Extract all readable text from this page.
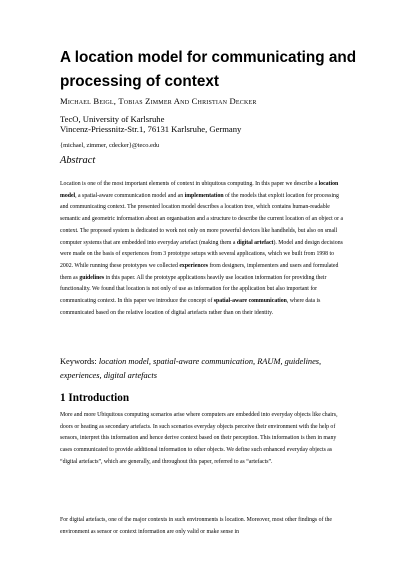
A location model for communicating and processing of context
Michael Beigl, Tobias Zimmer And Christian Decker
TecO, University of Karlsruhe
Vincenz-Priessnitz-Str.1, 76131 Karlsruhe, Germany
{michael, zimmer, cdecker}@teco.edu
Abstract

Location is one of the most important elements of context in ubiquitous computing. In this paper we describe a location model, a spatial-aware communication model and an implementation of the models that exploit location for processing and communicating context. The presented location model describes a location tree, which contains human-readable semantic and geometric information about an organisation and a structure to describe the current location of an object or a context. The proposed system is dedicated to work not only on more powerful devices like handhelds, but also on small computer systems that are embedded into everyday artefact (making them a digital artefact). Model and design decisions were made on the basis of experiences from 3 prototype setups with several applications, which we built from 1998 to 2002. While running these prototypes we collected experiences from designers, implementers and users and formulated them as guidelines in this paper. All the prototype applications heavily use location information for providing their functionality. We found that location is not only of use as information for the application but also important for communicating context. In this paper we introduce the concept of spatial-aware communication, where data is communicated based on the relative location of digital artefacts rather than on their identity.

Keywords: location model, spatial-aware communication, RAUM, guidelines, experiences, digital artefacts
1 Introduction

More and more Ubiquitous computing scenarios arise where computers are embedded into everyday objects like chairs, doors or heating as secondary artefacts. In such scenarios everyday objects perceive their environment with the help of sensors, interpret this information and hence derive context based on their perception. This information is then in many cases communicated to provide additional information to other objects. We define such enhanced everyday objects as “digital artefacts”, which are generally, and throughout this paper, referred to as “artefacts”.

For digital artefacts, one of the major contexts in such environments is location. Moreover, most other findings of the environment as sensor or context information are only valid or make sense in
